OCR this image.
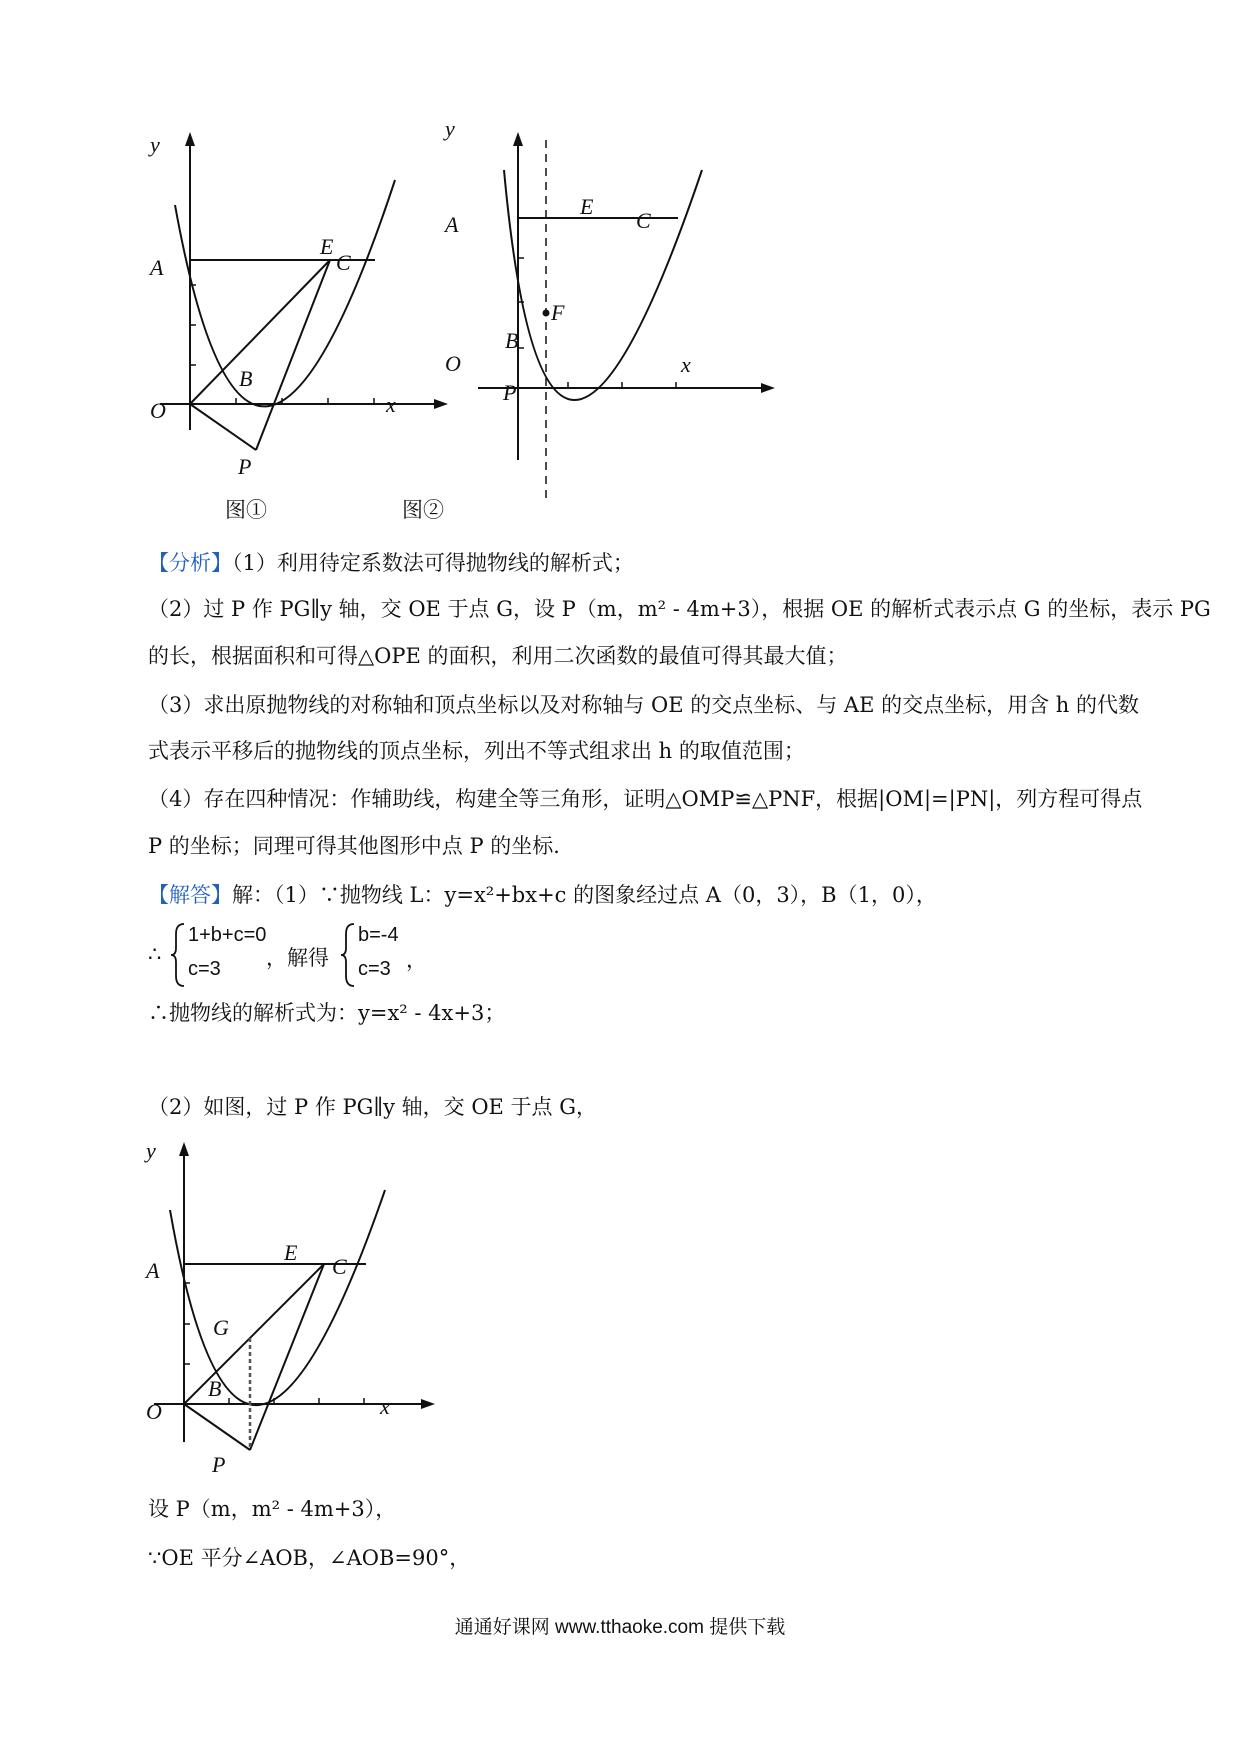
y
x
A
E
C
B
O
P
图①
y
x
A
E
C
F
B
O
P
图②
【分析】（1）利用待定系数法可得抛物线的解析式；
（2）过 P 作 PG∥y 轴，交 OE 于点 G，设 P（m，m² - 4m+3），根据 OE 的解析式表示点 G 的坐标，表示 PG
的长，根据面积和可得△OPE 的面积，利用二次函数的最值可得其最大值；
（3）求出原抛物线的对称轴和顶点坐标以及对称轴与 OE 的交点坐标、与 AE 的交点坐标，用含 h 的代数
式表示平移后的抛物线的顶点坐标，列出不等式组求出 h 的取值范围；
（4）存在四种情况：作辅助线，构建全等三角形，证明△OMP≌△PNF，根据|OM|=|PN|，列方程可得点
P 的坐标；同理可得其他图形中点 P 的坐标．
【解答】解：（1）∵抛物线 L：y=x²+bx+c 的图象经过点 A（0，3），B（1，0），
∴
1+b+c=0
c=3 ，解得
b=-4
c=3 ，
∴抛物线的解析式为：y=x² - 4x+3；
（2）如图，过 P 作 PG∥y 轴，交 OE 于点 G，
y
x
A
E
C
G
B
O
P
设 P（m，m² - 4m+3），
∵OE 平分∠AOB，∠AOB=90°，
通通好课网 www.tthaoke.com 提供下载
